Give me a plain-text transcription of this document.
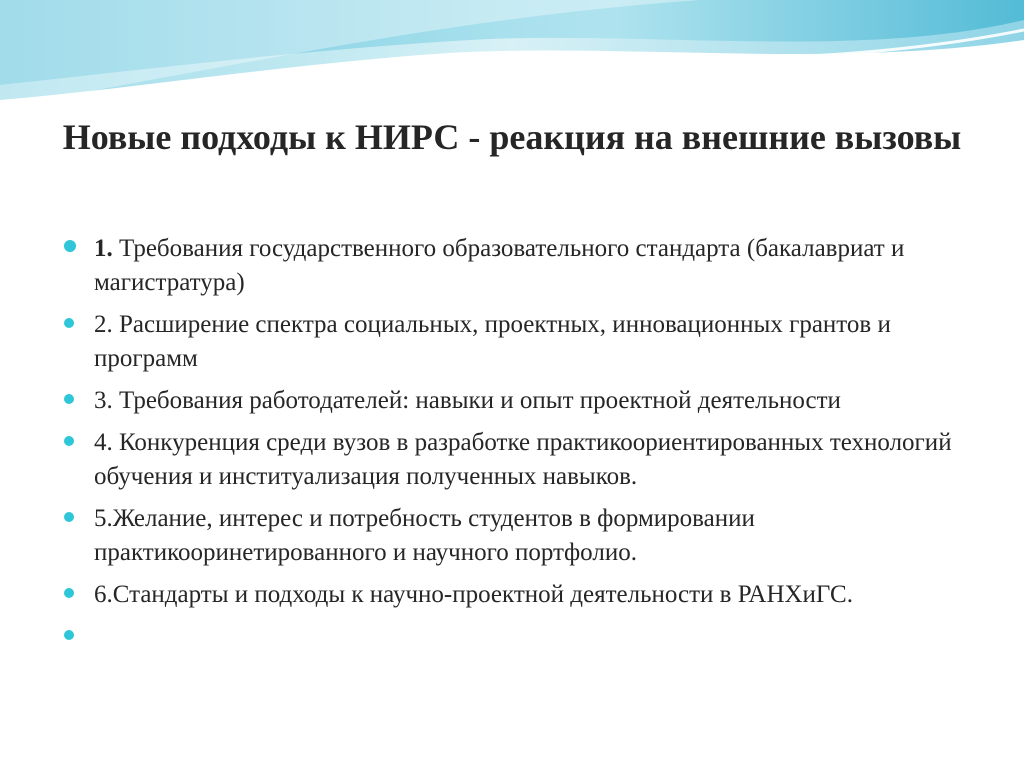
Новые подходы к НИРС - реакция на внешние вызовы
1. Требования государственного образовательного стандарта (бакалавриат и магистратура)
2. Расширение спектра социальных, проектных, инновационных грантов и программ
3. Требования работодателей: навыки и опыт проектной деятельности
4. Конкуренция среди вузов в разработке практикоориентированных технологий обучения и институализация полученных навыков.
5.Желание, интерес и потребность студентов в формировании практикооринетированного и научного портфолио.
6.Стандарты и подходы к научно-проектной деятельности в РАНХиГС.
